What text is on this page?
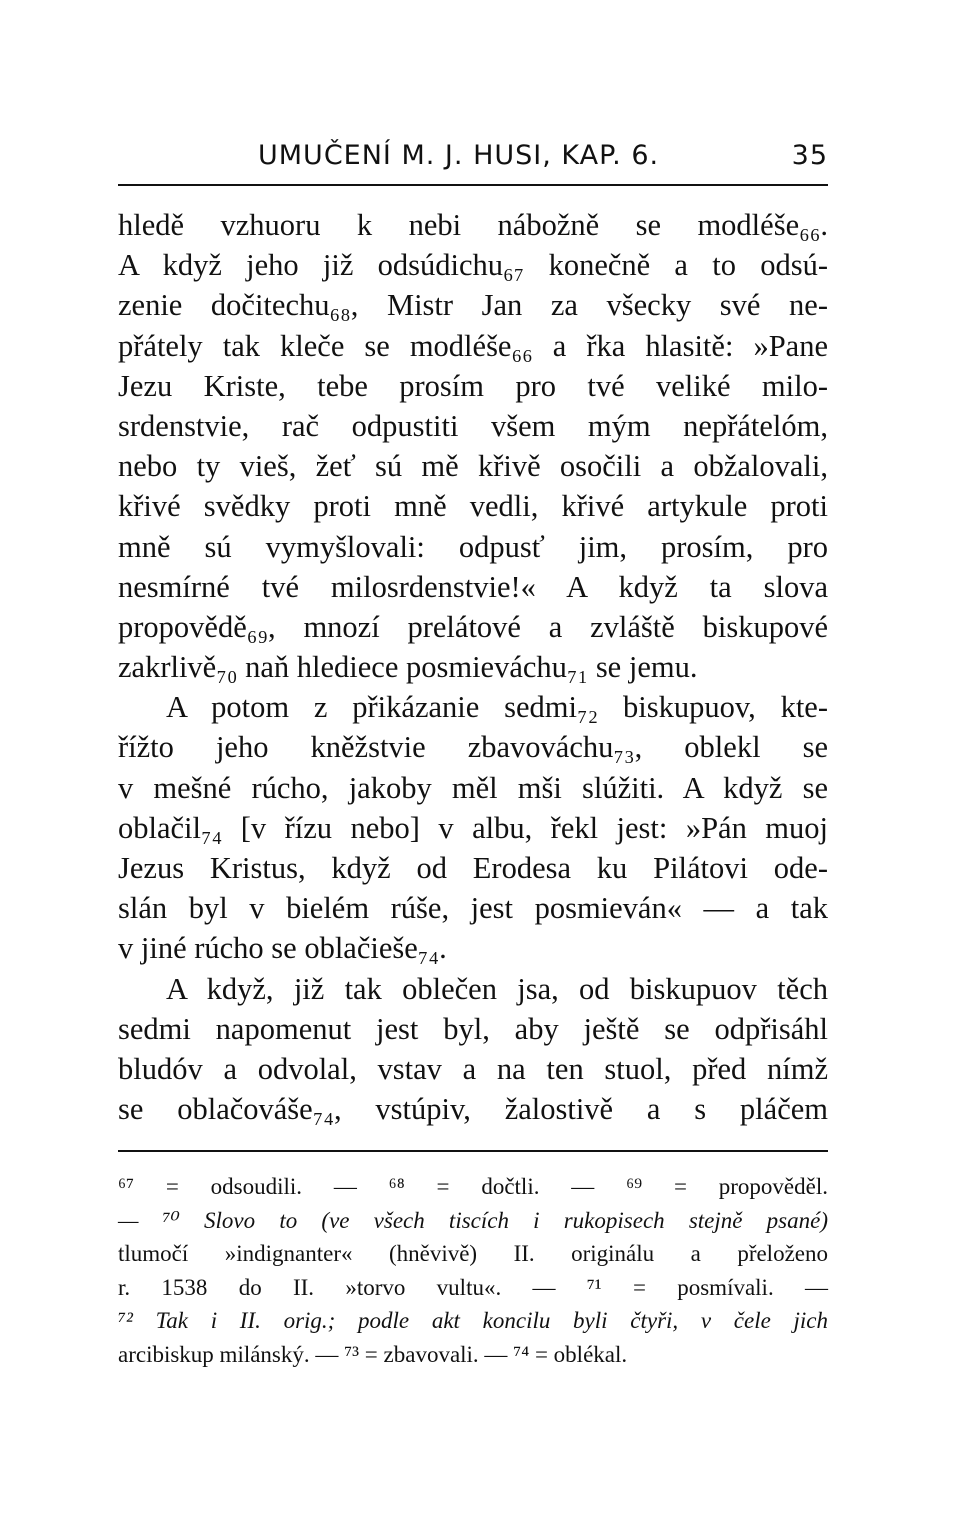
UMUČENÍ M. J. HUSI, KAP. 6.	35
hledě vzhuoru k nebi nábožně se modléše₆₆.
A když jeho již odsúdichu₆₇ konečně a to odsú-
zenie dočitechu₆₈, Mistr Jan za všecky své ne-
přátely tak kleče se modléše₆₆ a řka hlasitě: »Pane
Jezu Kriste, tebe prosím pro tvé veliké milo-
srdenstvie, rač odpustiti všem mým nepřátelóm,
nebo ty vieš, žeť sú mě křivě osočili a obžalovali,
křivé svědky proti mně vedli, křivé artykule proti
mně sú vymyšlovali: odpusť jim, prosím, pro
nesmírné tvé milosrdenstvie!« A když ta slova
propovědě₆₉, mnozí prelátové a zvláště biskupové
zakrlivě₇₀ naň hlediece posmieváchu₇₁ se jemu.
A potom z přikázanie sedmi₇₂ biskupuov, kte-
řížto jeho kněžstvie zbavováchu₇₃, oblekl se
v mešné rúcho, jakoby měl mši slúžiti. A když se
oblačil₇₄ [v řízu nebo] v albu, řekl jest: »Pán muoj
Jezus Kristus, když od Erodesa ku Pilátovi ode-
slán byl v bielém rúše, jest posmieván« — a tak
v jiné rúcho se oblačieše₇₄.
A když, již tak oblečen jsa, od biskupuov těch
sedmi napomenut jest byl, aby ještě se odpřisáhl
bludóv a odvolal, vstav a na ten stuol, před nímž
se oblačováše₇₄, vstúpiv, žalostivě a s pláčem
⁶⁷ = odsoudili. — ⁶⁸ = dočtli. — ⁶⁹ = propověděl.
— ⁷⁰ Slovo to (ve všech tiscích i rukopisech stejně psané)
tlumočí »indignanter« (hněvivě) II. originálu a přeloženo
r. 1538 do II. »torvo vultu«. — ⁷¹ = posmívali. —
⁷² Tak i II. orig.; podle akt koncilu byli čtyři, v čele jich
arcibiskup milánský. — ⁷³ = zbavovali. — ⁷⁴ = oblékal.
